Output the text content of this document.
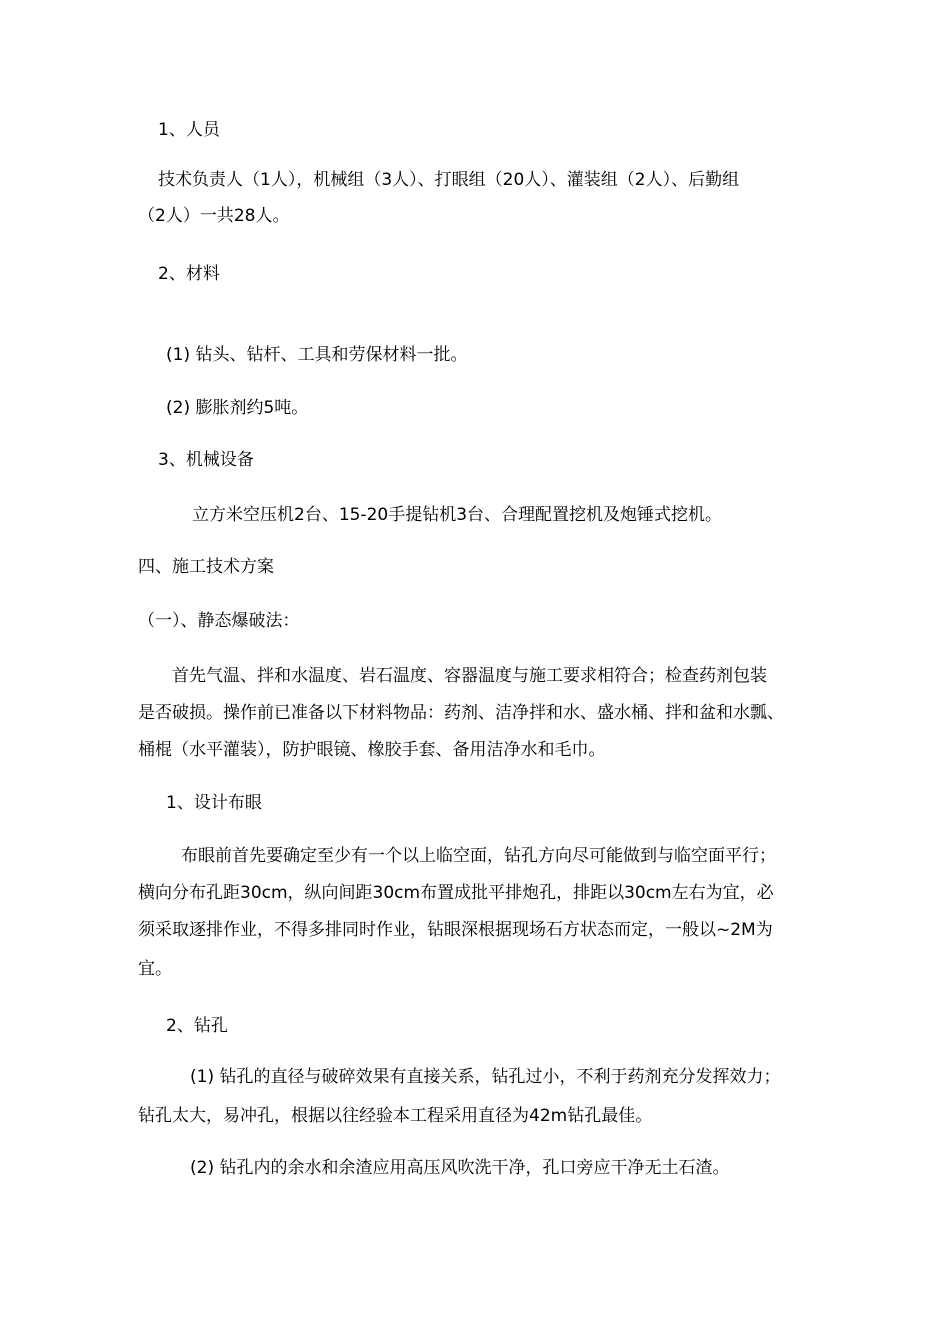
1、人员
技术负责人（1人），机械组（3人）、打眼组（20人）、灌装组（2人）、后勤组
（2人）一共28人。
2、材料
(1) 钻头、钻杆、工具和劳保材料一批。
(2) 膨胀剂约5吨。
3、机械设备
立方米空压机2台、15-20手提钻机3台、合理配置挖机及炮锤式挖机。
四、施工技术方案
（一）、静态爆破法：
首先气温、拌和水温度、岩石温度、容器温度与施工要求相符合；检查药剂包装
是否破损。操作前已准备以下材料物品：药剂、洁净拌和水、盛水桶、拌和盆和水瓢、
桶棍（水平灌装），防护眼镜、橡胶手套、备用洁净水和毛巾。
1、设计布眼
布眼前首先要确定至少有一个以上临空面，钻孔方向尽可能做到与临空面平行；
横向分布孔距30cm，纵向间距30cm布置成批平排炮孔，排距以30cm左右为宜，必
须采取逐排作业，不得多排同时作业，钻眼深根据现场石方状态而定，一般以~2M为
宜。
2、钻孔
(1) 钻孔的直径与破碎效果有直接关系，钻孔过小，不利于药剂充分发挥效力；
钻孔太大，易冲孔，根据以往经验本工程采用直径为42m钻孔最佳。
(2) 钻孔内的余水和余渣应用高压风吹洗干净，孔口旁应干净无土石渣。
